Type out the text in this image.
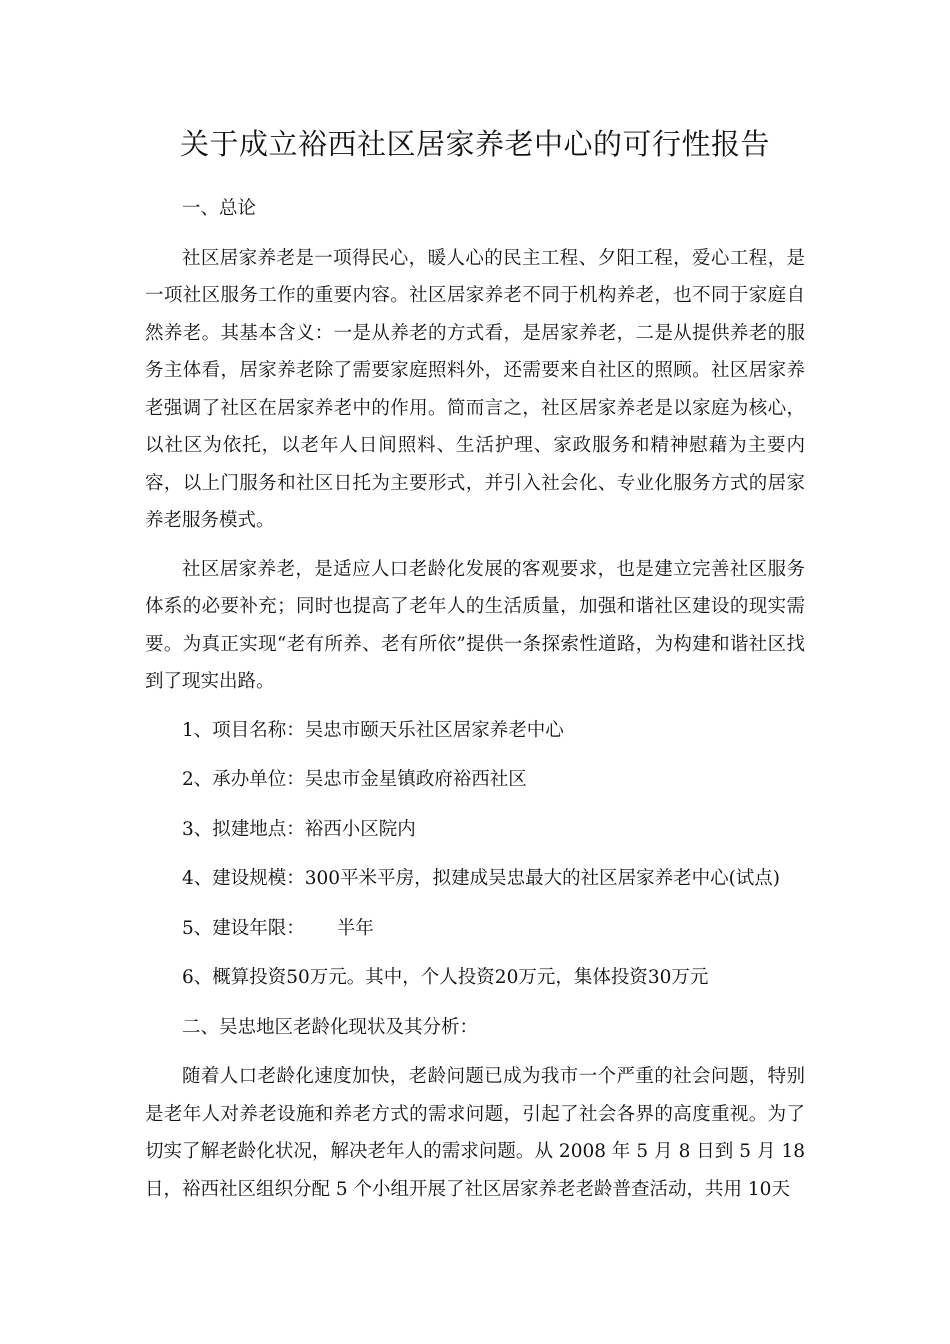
关于成立裕西社区居家养老中心的可行性报告

一、总论

社区居家养老是一项得民心，暖人心的民主工程、夕阳工程，爱心工程，是一项社区服务工作的重要内容。社区居家养老不同于机构养老，也不同于家庭自然养老。其基本含义：一是从养老的方式看，是居家养老，二是从提供养老的服务主体看，居家养老除了需要家庭照料外，还需要来自社区的照顾。社区居家养老强调了社区在居家养老中的作用。简而言之，社区居家养老是以家庭为核心，以社区为依托，以老年人日间照料、生活护理、家政服务和精神慰藉为主要内容，以上门服务和社区日托为主要形式，并引入社会化、专业化服务方式的居家养老服务模式。

社区居家养老，是适应人口老龄化发展的客观要求，也是建立完善社区服务体系的必要补充；同时也提高了老年人的生活质量，加强和谐社区建设的现实需要。为真正实现“老有所养、老有所依”提供一条探索性道路，为构建和谐社区找到了现实出路。

1、项目名称：吴忠市颐天乐社区居家养老中心

2、承办单位：吴忠市金星镇政府裕西社区

3、拟建地点：裕西小区院内

4、建设规模：300平米平房，拟建成吴忠最大的社区居家养老中心(试点)

5、建设年限： 半年

6、概算投资50万元。其中，个人投资20万元，集体投资30万元

二、吴忠地区老龄化现状及其分析：

随着人口老龄化速度加快，老龄问题已成为我市一个严重的社会问题，特别是老年人对养老设施和养老方式的需求问题，引起了社会各界的高度重视。为了切实了解老龄化状况，解决老年人的需求问题。从 2008 年 5 月 8 日到 5 月 18 日，裕西社区组织分配 5 个小组开展了社区居家养老老龄普查活动，共用 10天
